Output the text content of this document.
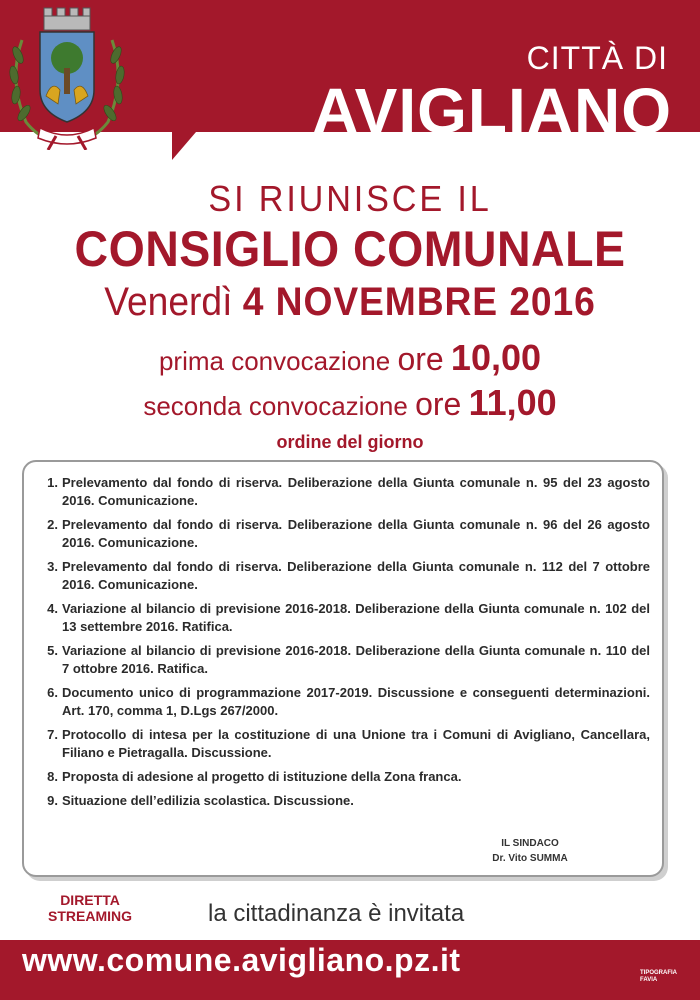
CITTÀ DI
AVIGLIANO
SI RIUNISCE IL
CONSIGLIO COMUNALE
Venerdì 4 NOVEMBRE 2016
prima convocazione ore 10,00
seconda convocazione ore 11,00
ordine del giorno
1. Prelevamento dal fondo di riserva. Deliberazione della Giunta comunale n. 95 del 23 agosto 2016. Comunicazione.
2. Prelevamento dal fondo di riserva. Deliberazione della Giunta comunale n. 96 del 26 agosto 2016. Comunicazione.
3. Prelevamento dal fondo di riserva. Deliberazione della Giunta comunale n. 112 del 7 ottobre 2016. Comunicazione.
4. Variazione al bilancio di previsione 2016-2018. Deliberazione della Giunta comunale n. 102 del 13 settembre 2016. Ratifica.
5. Variazione al bilancio di previsione 2016-2018. Deliberazione della Giunta comunale n. 110 del 7 ottobre 2016. Ratifica.
6. Documento unico di programmazione 2017-2019. Discussione e conseguenti determinazioni. Art. 170, comma 1, D.Lgs 267/2000.
7. Protocollo di intesa per la costituzione di una Unione tra i Comuni di Avigliano, Cancellara, Filiano e Pietragalla. Discussione.
8. Proposta di adesione al progetto di istituzione della Zona franca.
9. Situazione dell’edilizia scolastica. Discussione.
IL SINDACO
Dr. Vito SUMMA
DIRETTA
STREAMING	la cittadinanza è invitata
www.comune.avigliano.pz.it	TIPOGRAFIA
FAVIA
